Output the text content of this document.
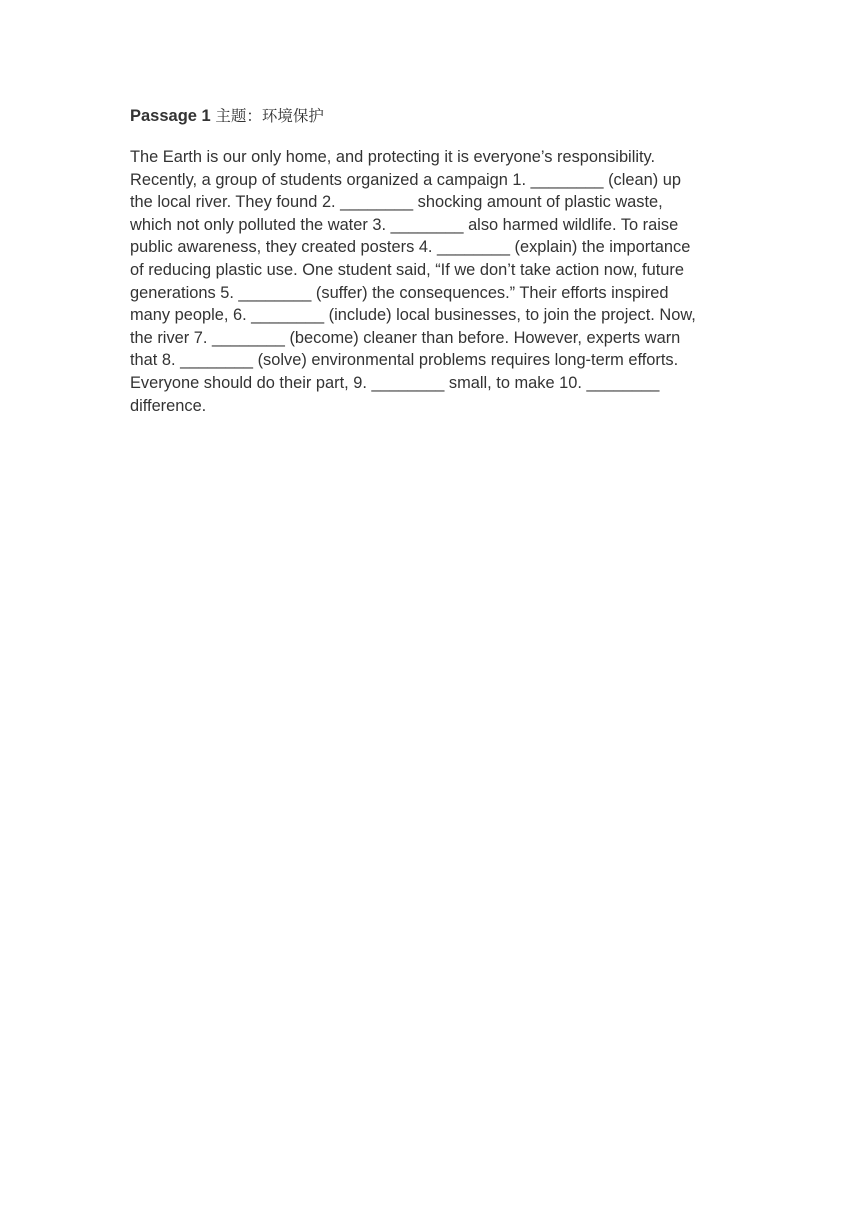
Passage 1 主题：环境保护
The Earth is our only home, and protecting it is everyone’s responsibility.
Recently, a group of students organized a campaign 1. ________ (clean) up
the local river. They found 2. ________ shocking amount of plastic waste,
which not only polluted the water 3. ________ also harmed wildlife. To raise
public awareness, they created posters 4. ________ (explain) the importance
of reducing plastic use. One student said, “If we don’t take action now, future
generations 5. ________ (suffer) the consequences.” Their efforts inspired
many people, 6. ________ (include) local businesses, to join the project. Now,
the river 7. ________ (become) cleaner than before. However, experts warn
that 8. ________ (solve) environmental problems requires long-term efforts.
Everyone should do their part, 9. ________ small, to make 10. ________
difference.
